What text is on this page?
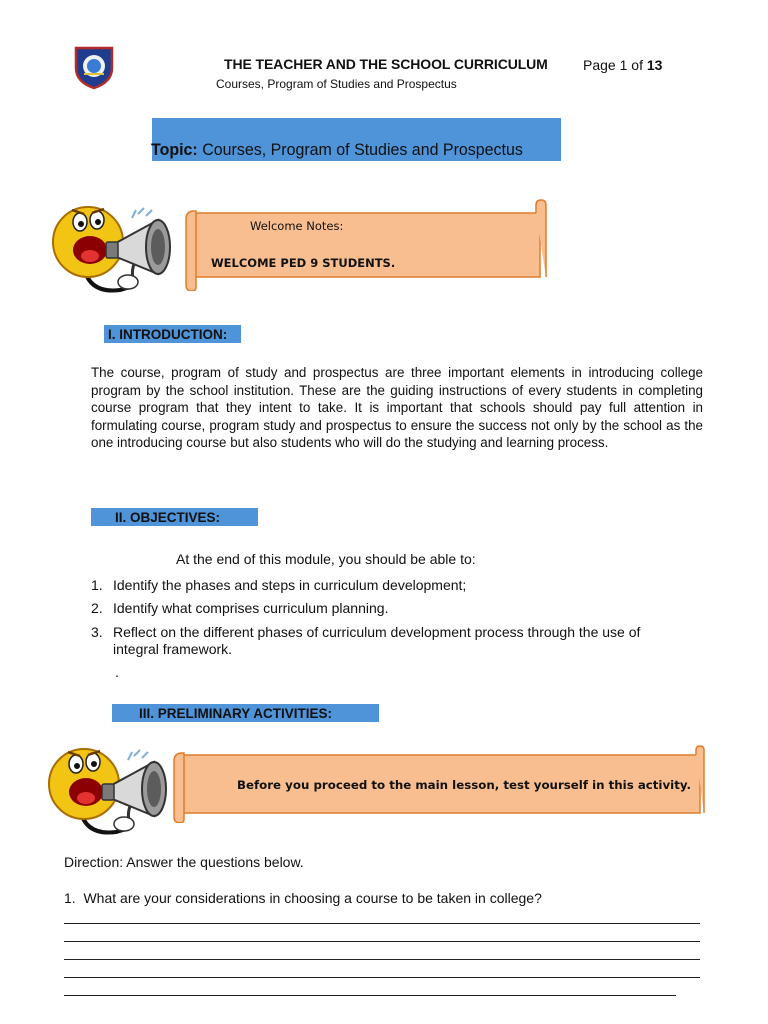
THE TEACHER AND THE SCHOOL CURRICULUM	Page 1 of 13
Courses, Program of Studies and Prospectus
Topic: Courses, Program of Studies and Prospectus
Welcome Notes:
WELCOME PED 9 STUDENTS.
I. INTRODUCTION:
The course, program of study and prospectus are three important elements in introducing college program by the school institution. These are the guiding instructions of every students in completing course program that they intent to take. It is important that schools should pay full attention in formulating course, program study and prospectus to ensure the success not only by the school as the one introducing course but also students who will do the studying and learning process.
II. OBJECTIVES:
At the end of this module, you should be able to:
1. Identify the phases and steps in curriculum development;
2. Identify what comprises curriculum planning.
3. Reflect on the different phases of curriculum development process through the use of
integral framework.
.
III. PRELIMINARY ACTIVITIES:
Before you proceed to the main lesson, test yourself in this activity.
Direction: Answer the questions below.
1. What are your considerations in choosing a course to be taken in college?
